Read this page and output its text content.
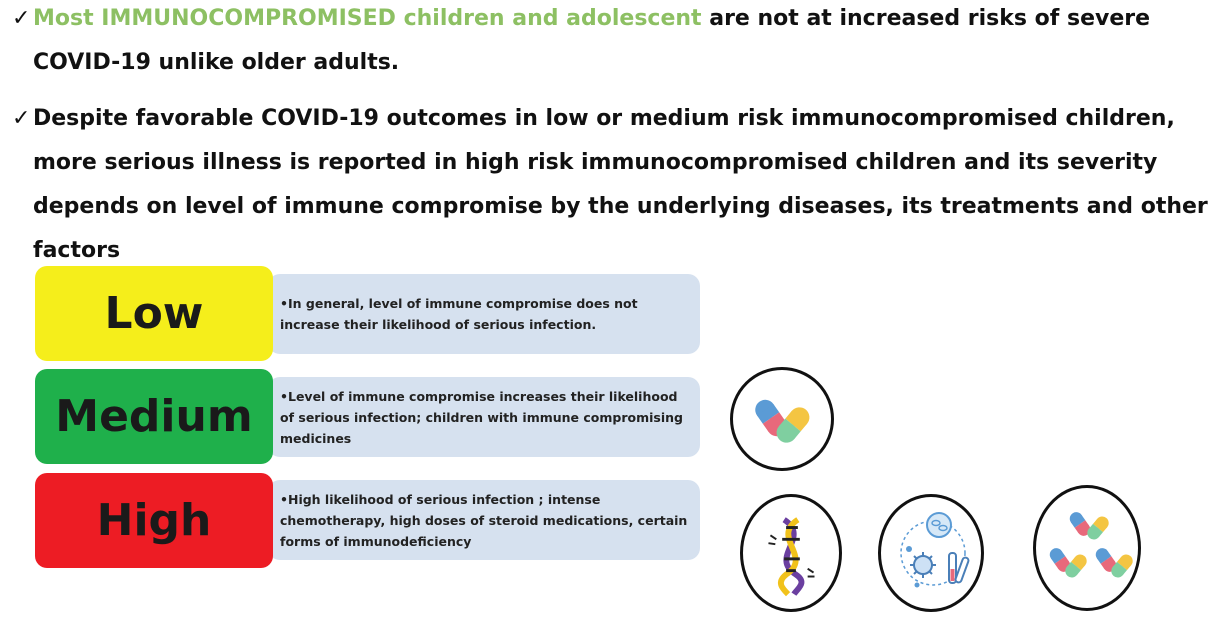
✓ Most IMMUNOCOMPROMISED children and adolescent are not at increased risks of severe COVID-19 unlike older adults.
✓ Despite favorable COVID-19 outcomes in low or medium risk immunocompromised children, more serious illness is reported in high risk immunocompromised children and its severity depends on level of immune compromise by the underlying diseases, its treatments and other factors
Low	•In general, level of immune compromise does not increase their likelihood of serious infection.
Medium	•Level of immune compromise increases their likelihood of serious infection; children with immune compromising medicines
High	•High likelihood of serious infection ; intense chemotherapy, high doses of steroid medications, certain forms of immunodeficiency
